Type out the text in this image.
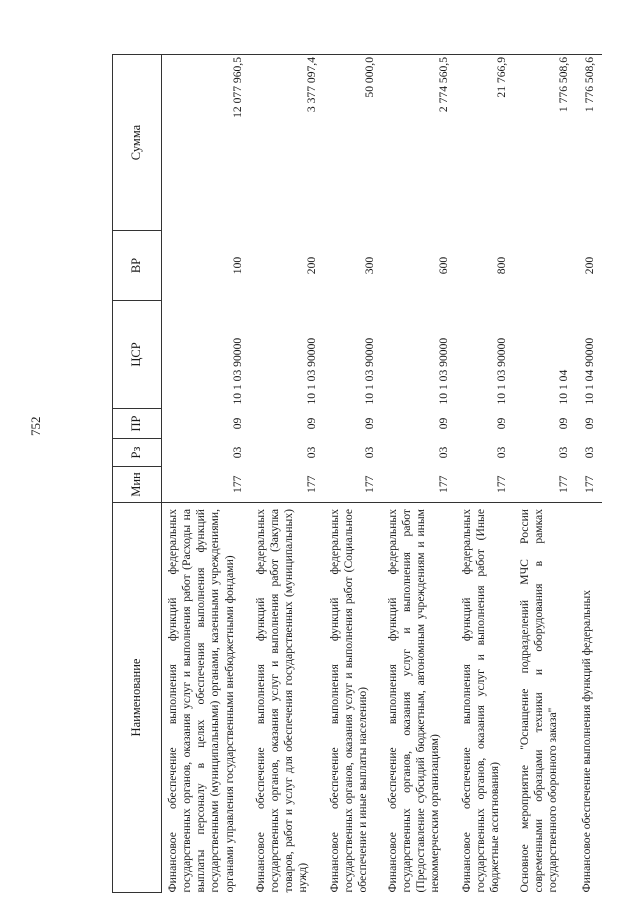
752
Наименование	Мин	Рз	ПР	ЦСР	ВР	Сумма
Финансовое обеспечение выполнения функций федеральных государственных органов, оказания услуг и выполнения работ (Расходы на выплаты персоналу в целях обеспечения выполнения функций государственными (муниципальными) органами, казенными учреждениями, органами управления государственными внебюджетными фондами)	177	03	09	10 1 03 90000	100	12 077 960,5
Финансовое обеспечение выполнения функций федеральных государственных органов, оказания услуг и выполнения работ (Закупка товаров, работ и услуг для обеспечения государственных (муниципальных) нужд)	177	03	09	10 1 03 90000	200	3 377 097,4
Финансовое обеспечение выполнения функций федеральных государственных органов, оказания услуг и выполнения работ (Социальное обеспечение и иные выплаты населению)	177	03	09	10 1 03 90000	300	50 000,0
Финансовое обеспечение выполнения функций федеральных государственных органов, оказания услуг и выполнения работ (Предоставление субсидий бюджетным, автономным учреждениям и иным некоммерческим организациям)	177	03	09	10 1 03 90000	600	2 774 560,5
Финансовое обеспечение выполнения функций федеральных государственных органов, оказания услуг и выполнения работ (Иные бюджетные ассигнования)	177	03	09	10 1 03 90000	800	21 766,9
Основное мероприятие "Оснащение подразделений МЧС России современными образцами техники и оборудования в рамках государственного оборонного заказа"	177	03	09	10 1 04		1 776 508,6
Финансовое обеспечение выполнения функций федеральных	177	03	09	10 1 04 90000	200	1 776 508,6
